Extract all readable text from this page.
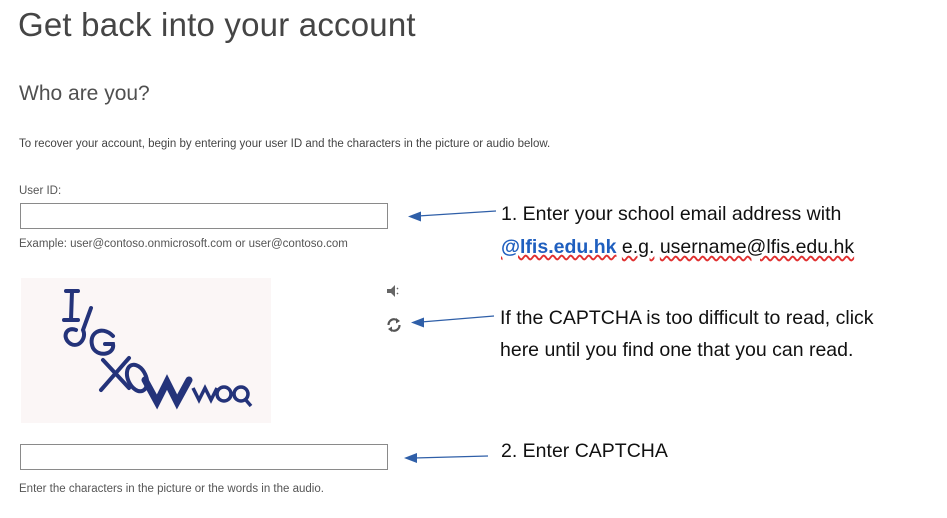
Get back into your account
Who are you?
To recover your account, begin by entering your user ID and the characters in the picture or audio below.
User ID:
Example: user@contoso.onmicrosoft.com or user@contoso.com
Enter the characters in the picture or the words in the audio.
1. Enter your school email address with
@lfis.edu.hk e.g. username@lfis.edu.hk
If the CAPTCHA is too difficult to read, click here until you find one that you can read.
2. Enter CAPTCHA
